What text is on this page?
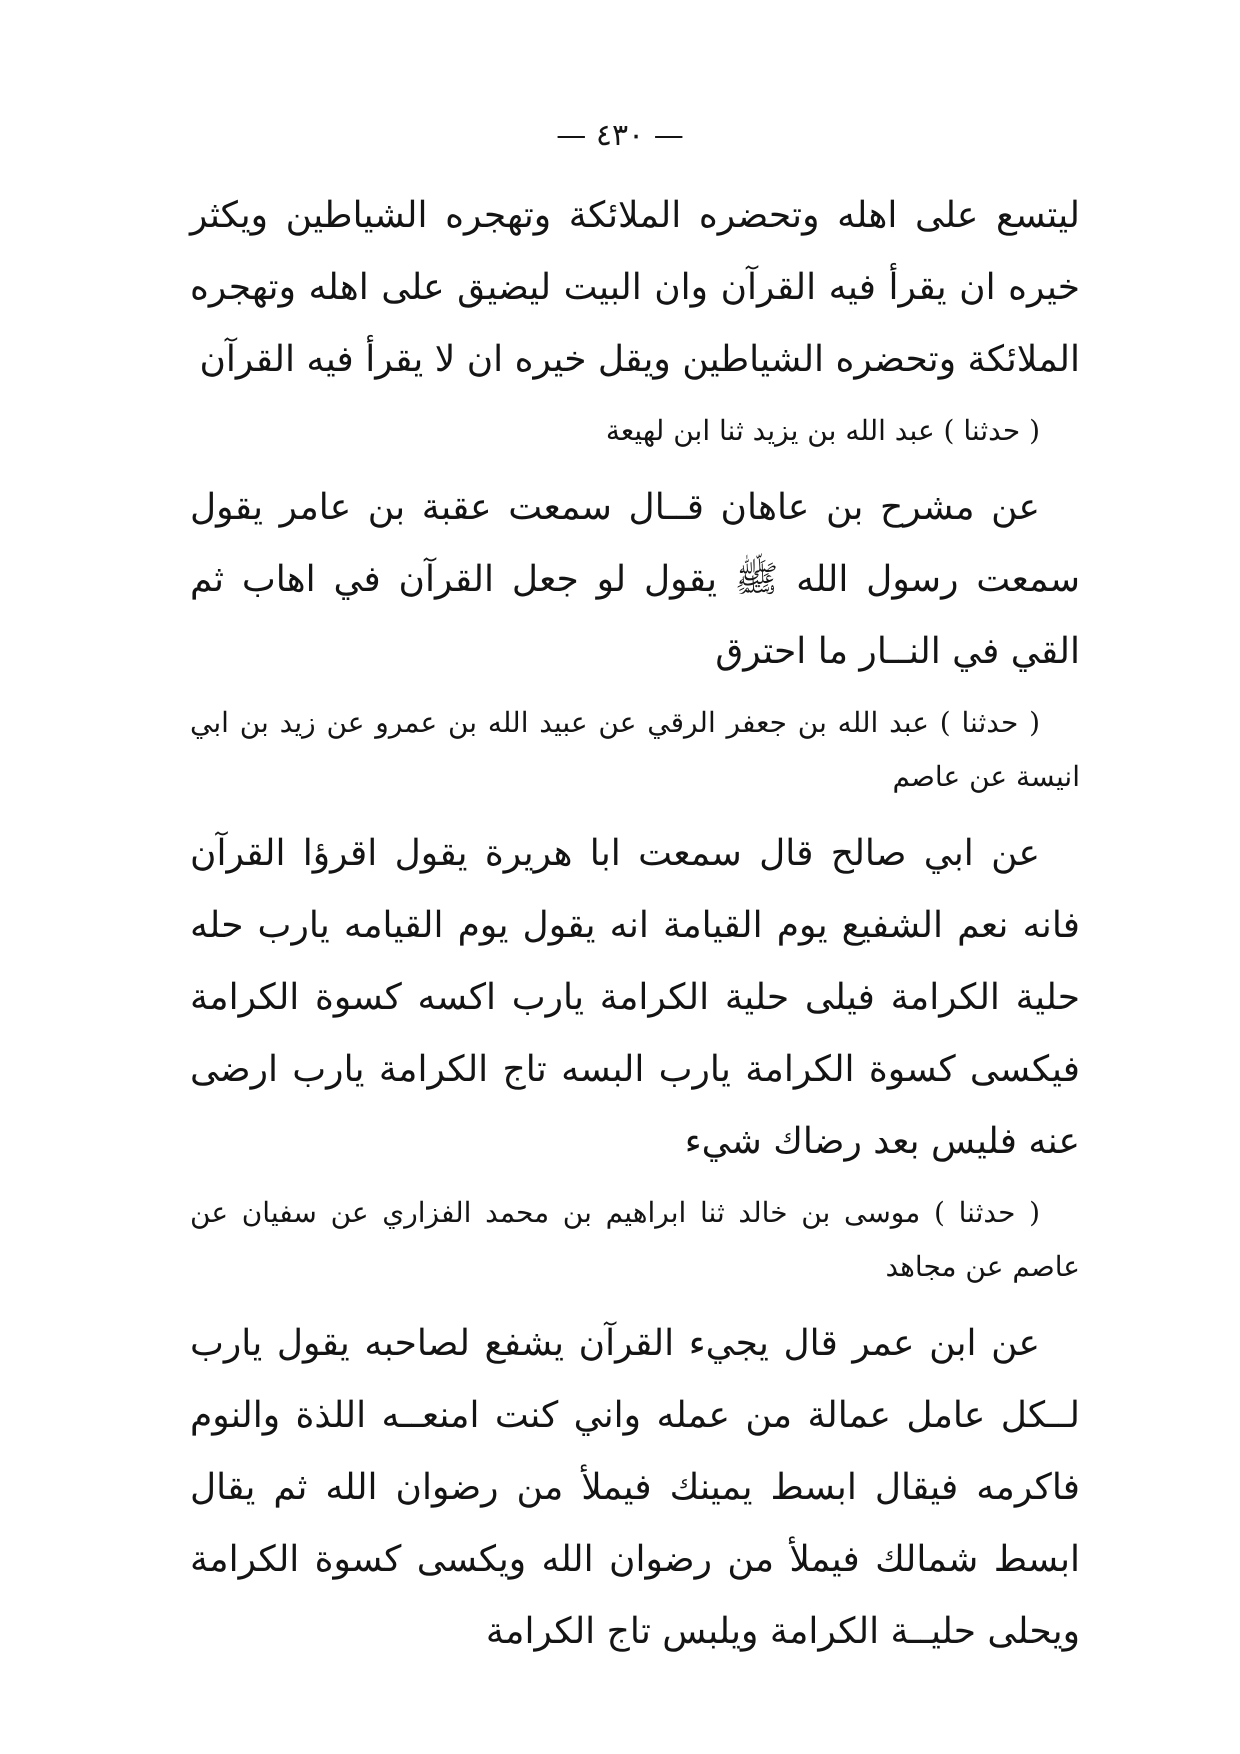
— ٤٣٠ —

ليتسع على اهله وتحضره الملائكة وتهجره الشياطين ويكثر خيره ان يقرأ فيه القرآن وان البيت ليضيق على اهله وتهجره الملائكة وتحضره الشياطين ويقل خيره ان لا يقرأ فيه القرآن

( حدثنا ) عبد الله بن يزيد ثنا ابن لهيعة

عن مشرح بن عاهان قــال سمعت عقبة بن عامر يقول سمعت رسول الله ﷺ يقول لو جعل القرآن في اهاب ثم القي في النــار ما احترق

( حدثنا ) عبد الله بن جعفر الرقي عن عبيد الله بن عمرو عن زيد بن ابي انيسة عن عاصم

عن ابي صالح قال سمعت ابا هريرة يقول اقرؤا القرآن فانه نعم الشفيع يوم القيامة انه يقول يوم القيامه يارب حله حلية الكرامة فيلى حلية الكرامة يارب اكسه كسوة الكرامة فيكسى كسوة الكرامة يارب البسه تاج الكرامة يارب ارضى عنه فليس بعد رضاك شيء

( حدثنا ) موسى بن خالد ثنا ابراهيم بن محمد الفزاري عن سفيان عن عاصم عن مجاهد

عن ابن عمر قال يجيء القرآن يشفع لصاحبه يقول يارب لــكل عامل عمالة من عمله واني كنت امنعــه اللذة والنوم فاكرمه فيقال ابسط يمينك فيملأ من رضوان الله ثم يقال ابسط شمالك فيملأ من رضوان الله ويكسى كسوة الكرامة ويحلى حليــة الكرامة ويلبس تاج الكرامة
